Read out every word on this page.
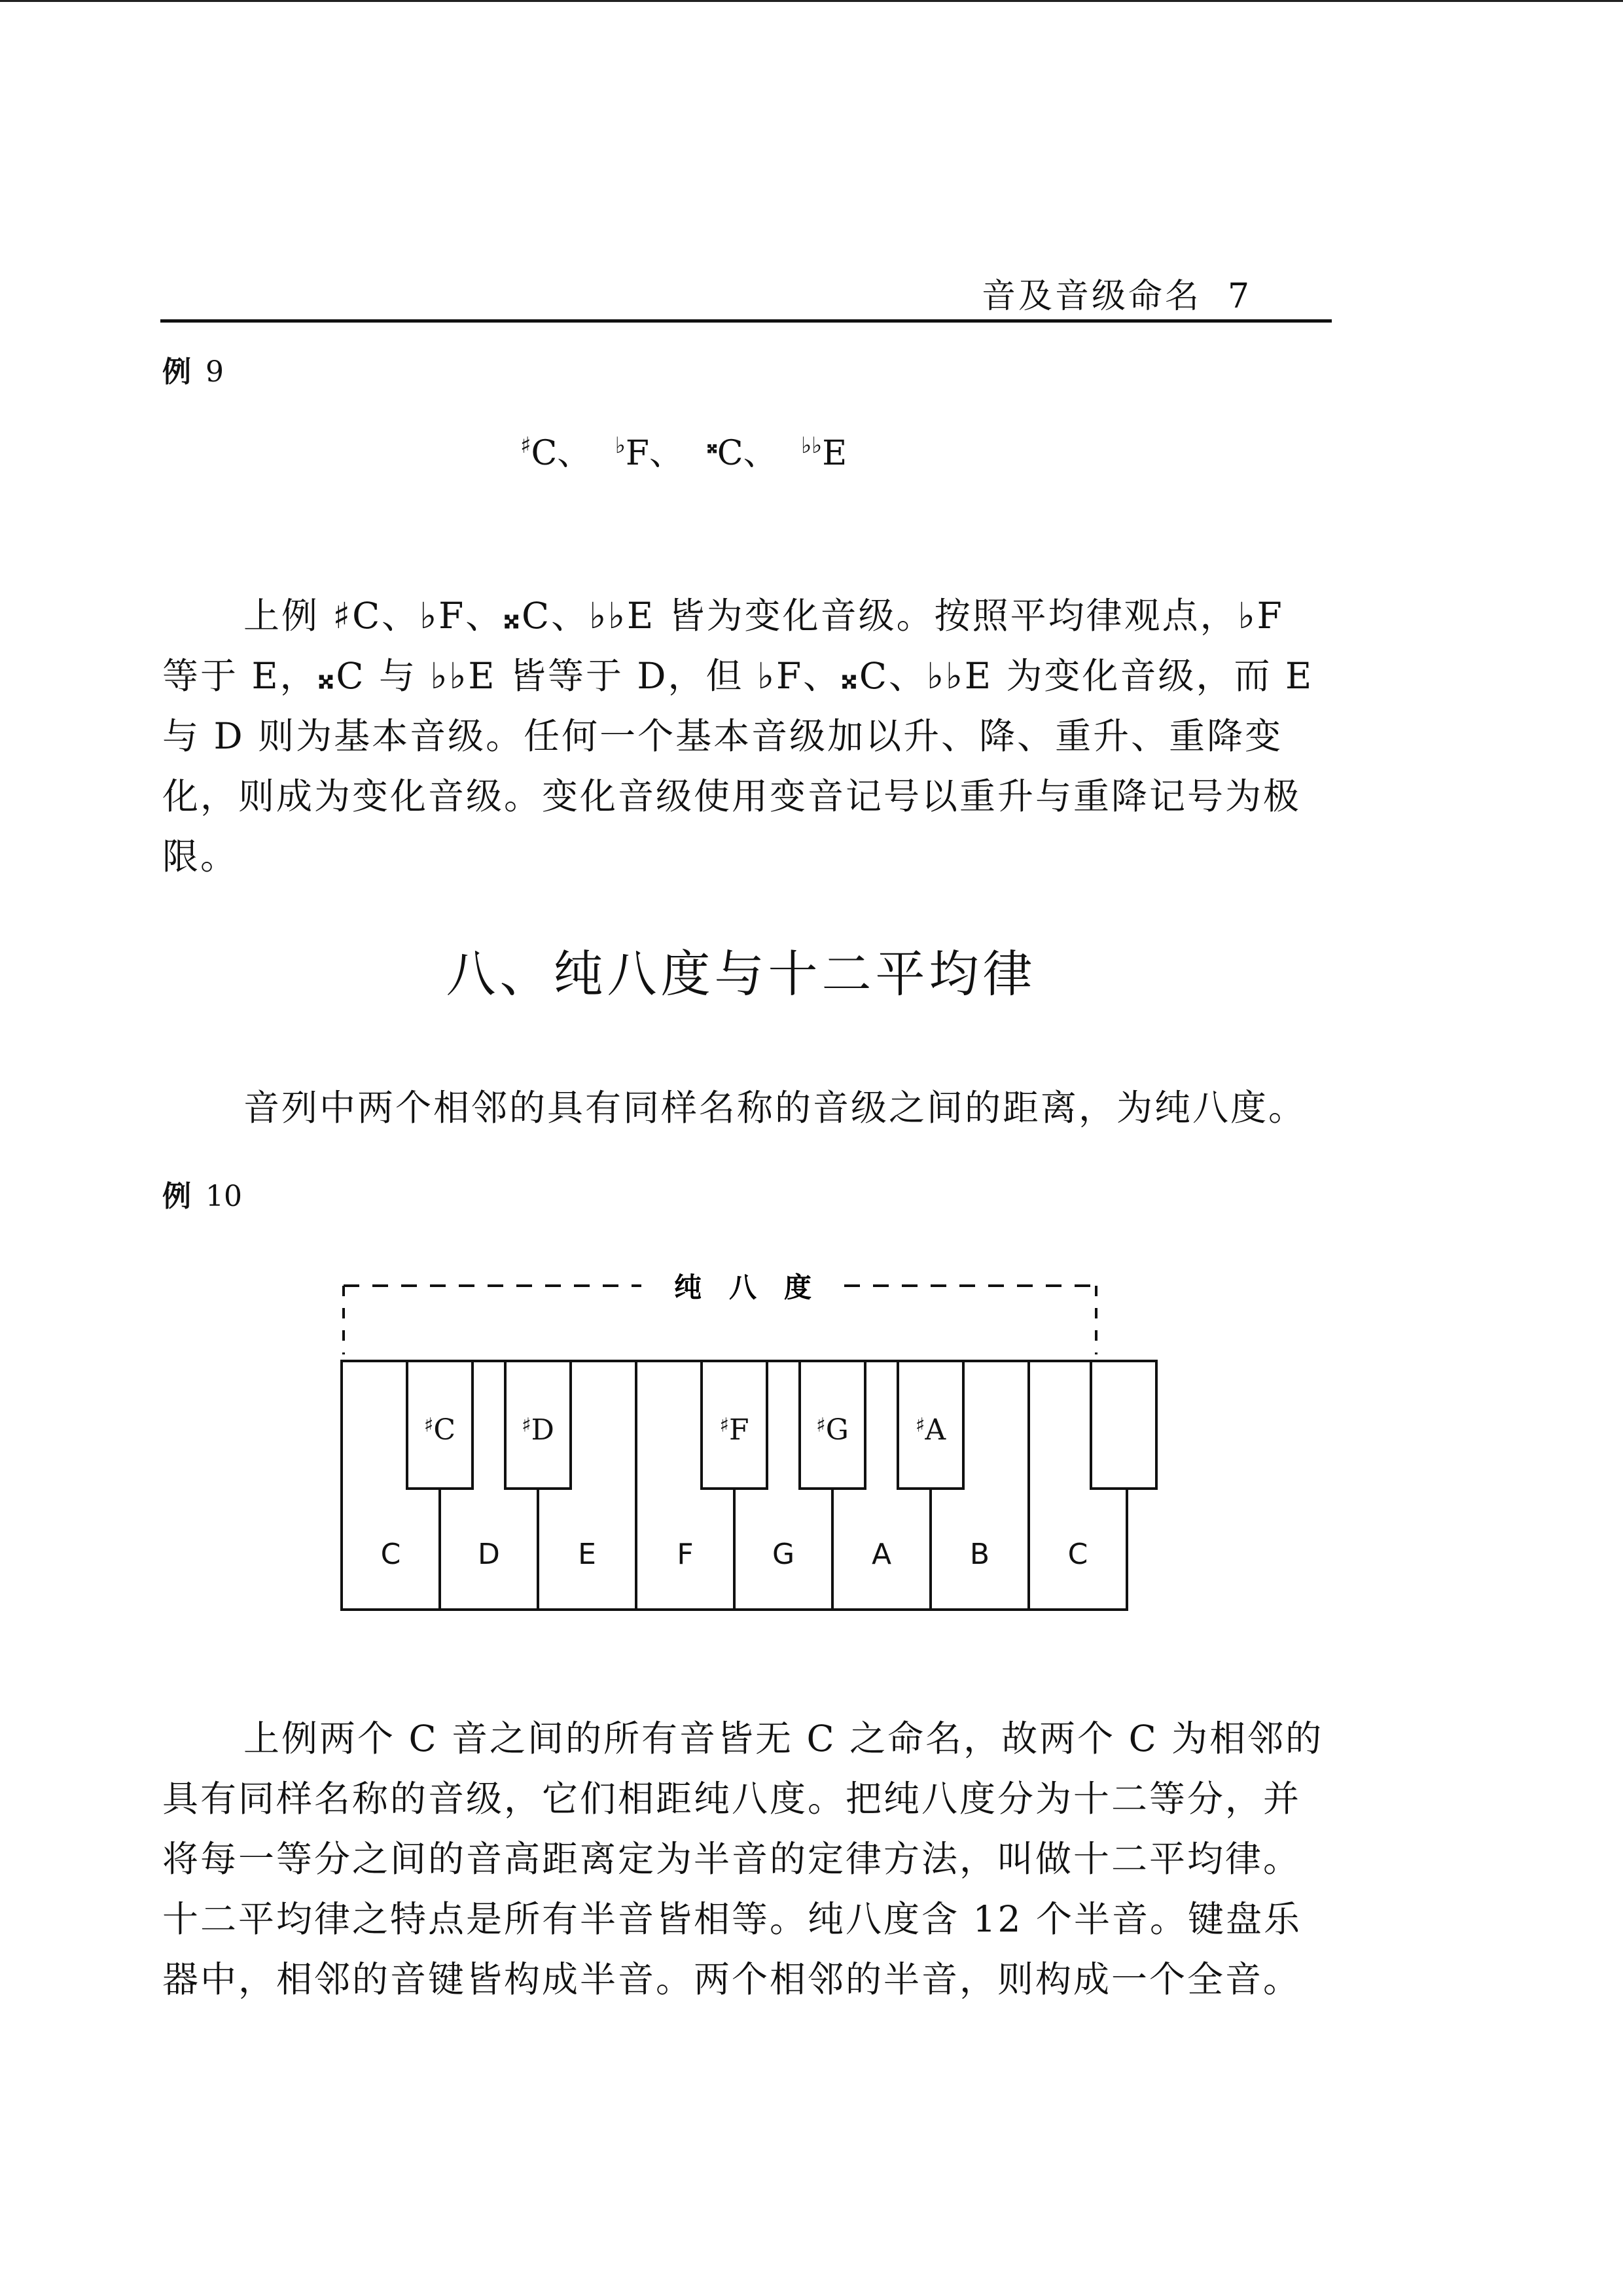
音及音级命名 7
例 9
♯C、 ♭F、 𝄪C、 ♭♭E

上例 ♯C、♭F、𝄪C、♭♭E 皆为变化音级。按照平均律观点，♭F 等于 E，𝄪C 与 ♭♭E 皆等于 D，但 ♭F、𝄪C、♭♭E 为变化音级，而 E 与 D 则为基本音级。任何一个基本音级加以升、降、重升、重降变化，则成为变化音级。变化音级使用变音记号以重升与重降记号为极限。

八、纯八度与十二平均律

音列中两个相邻的具有同样名称的音级之间的距离，为纯八度。

例 10
纯　八　度
C	D	E	F	G	A	B	C
♯C	♯D	♯F	♯G	♯A

上例两个 C 音之间的所有音皆无 C 之命名，故两个 C 为相邻的具有同样名称的音级，它们相距纯八度。把纯八度分为十二等分，并将每一等分之间的音高距离定为半音的定律方法，叫做十二平均律。十二平均律之特点是所有半音皆相等。纯八度含 12 个半音。键盘乐器中，相邻的音键皆构成半音。两个相邻的半音，则构成一个全音。
